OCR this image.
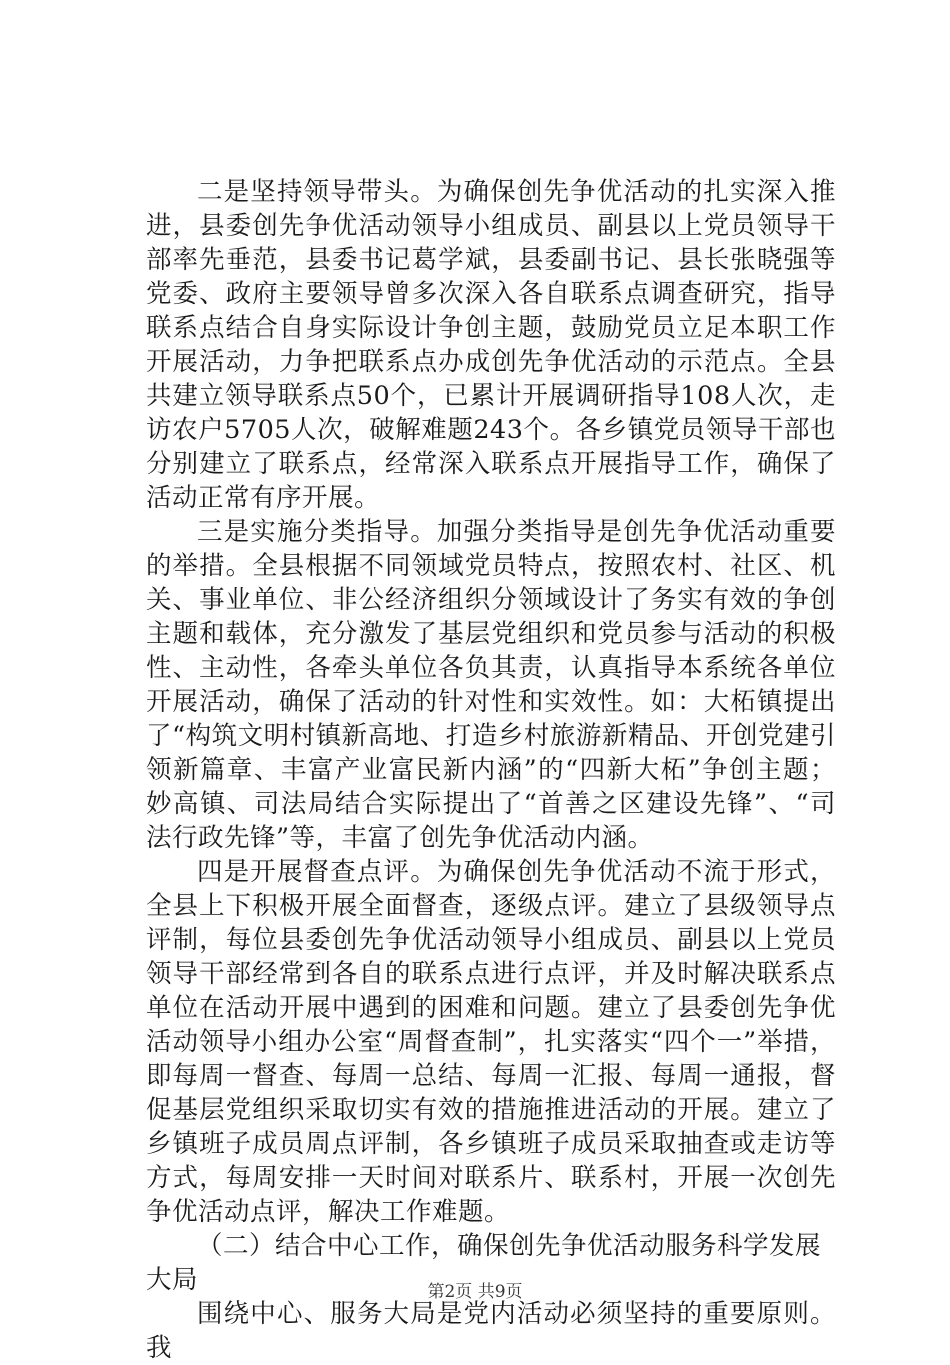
二是坚持领导带头。为确保创先争优活动的扎实深入推进，县委创先争优活动领导小组成员、副县以上党员领导干部率先垂范，县委书记葛学斌，县委副书记、县长张晓强等党委、政府主要领导曾多次深入各自联系点调查研究，指导联系点结合自身实际设计争创主题，鼓励党员立足本职工作开展活动，力争把联系点办成创先争优活动的示范点。全县共建立领导联系点50个，已累计开展调研指导108人次，走访农户5705人次，破解难题243个。各乡镇党员领导干部也分别建立了联系点，经常深入联系点开展指导工作，确保了活动正常有序开展。

三是实施分类指导。加强分类指导是创先争优活动重要的举措。全县根据不同领域党员特点，按照农村、社区、机关、事业单位、非公经济组织分领域设计了务实有效的争创主题和载体，充分激发了基层党组织和党员参与活动的积极性、主动性，各牵头单位各负其责，认真指导本系统各单位开展活动，确保了活动的针对性和实效性。如：大柘镇提出了“构筑文明村镇新高地、打造乡村旅游新精品、开创党建引领新篇章、丰富产业富民新内涵”的“四新大柘”争创主题；妙高镇、司法局结合实际提出了“首善之区建设先锋”、“司法行政先锋”等，丰富了创先争优活动内涵。

四是开展督查点评。为确保创先争优活动不流于形式，全县上下积极开展全面督查，逐级点评。建立了县级领导点评制，每位县委创先争优活动领导小组成员、副县以上党员领导干部经常到各自的联系点进行点评，并及时解决联系点单位在活动开展中遇到的困难和问题。建立了县委创先争优活动领导小组办公室“周督查制”，扎实落实“四个一”举措，即每周一督查、每周一总结、每周一汇报、每周一通报，督促基层党组织采取切实有效的措施推进活动的开展。建立了乡镇班子成员周点评制，各乡镇班子成员采取抽查或走访等方式，每周安排一天时间对联系片、联系村，开展一次创先争优活动点评，解决工作难题。

（二）结合中心工作，确保创先争优活动服务科学发展大局

围绕中心、服务大局是党内活动必须坚持的重要原则。我

第2页 共9页
